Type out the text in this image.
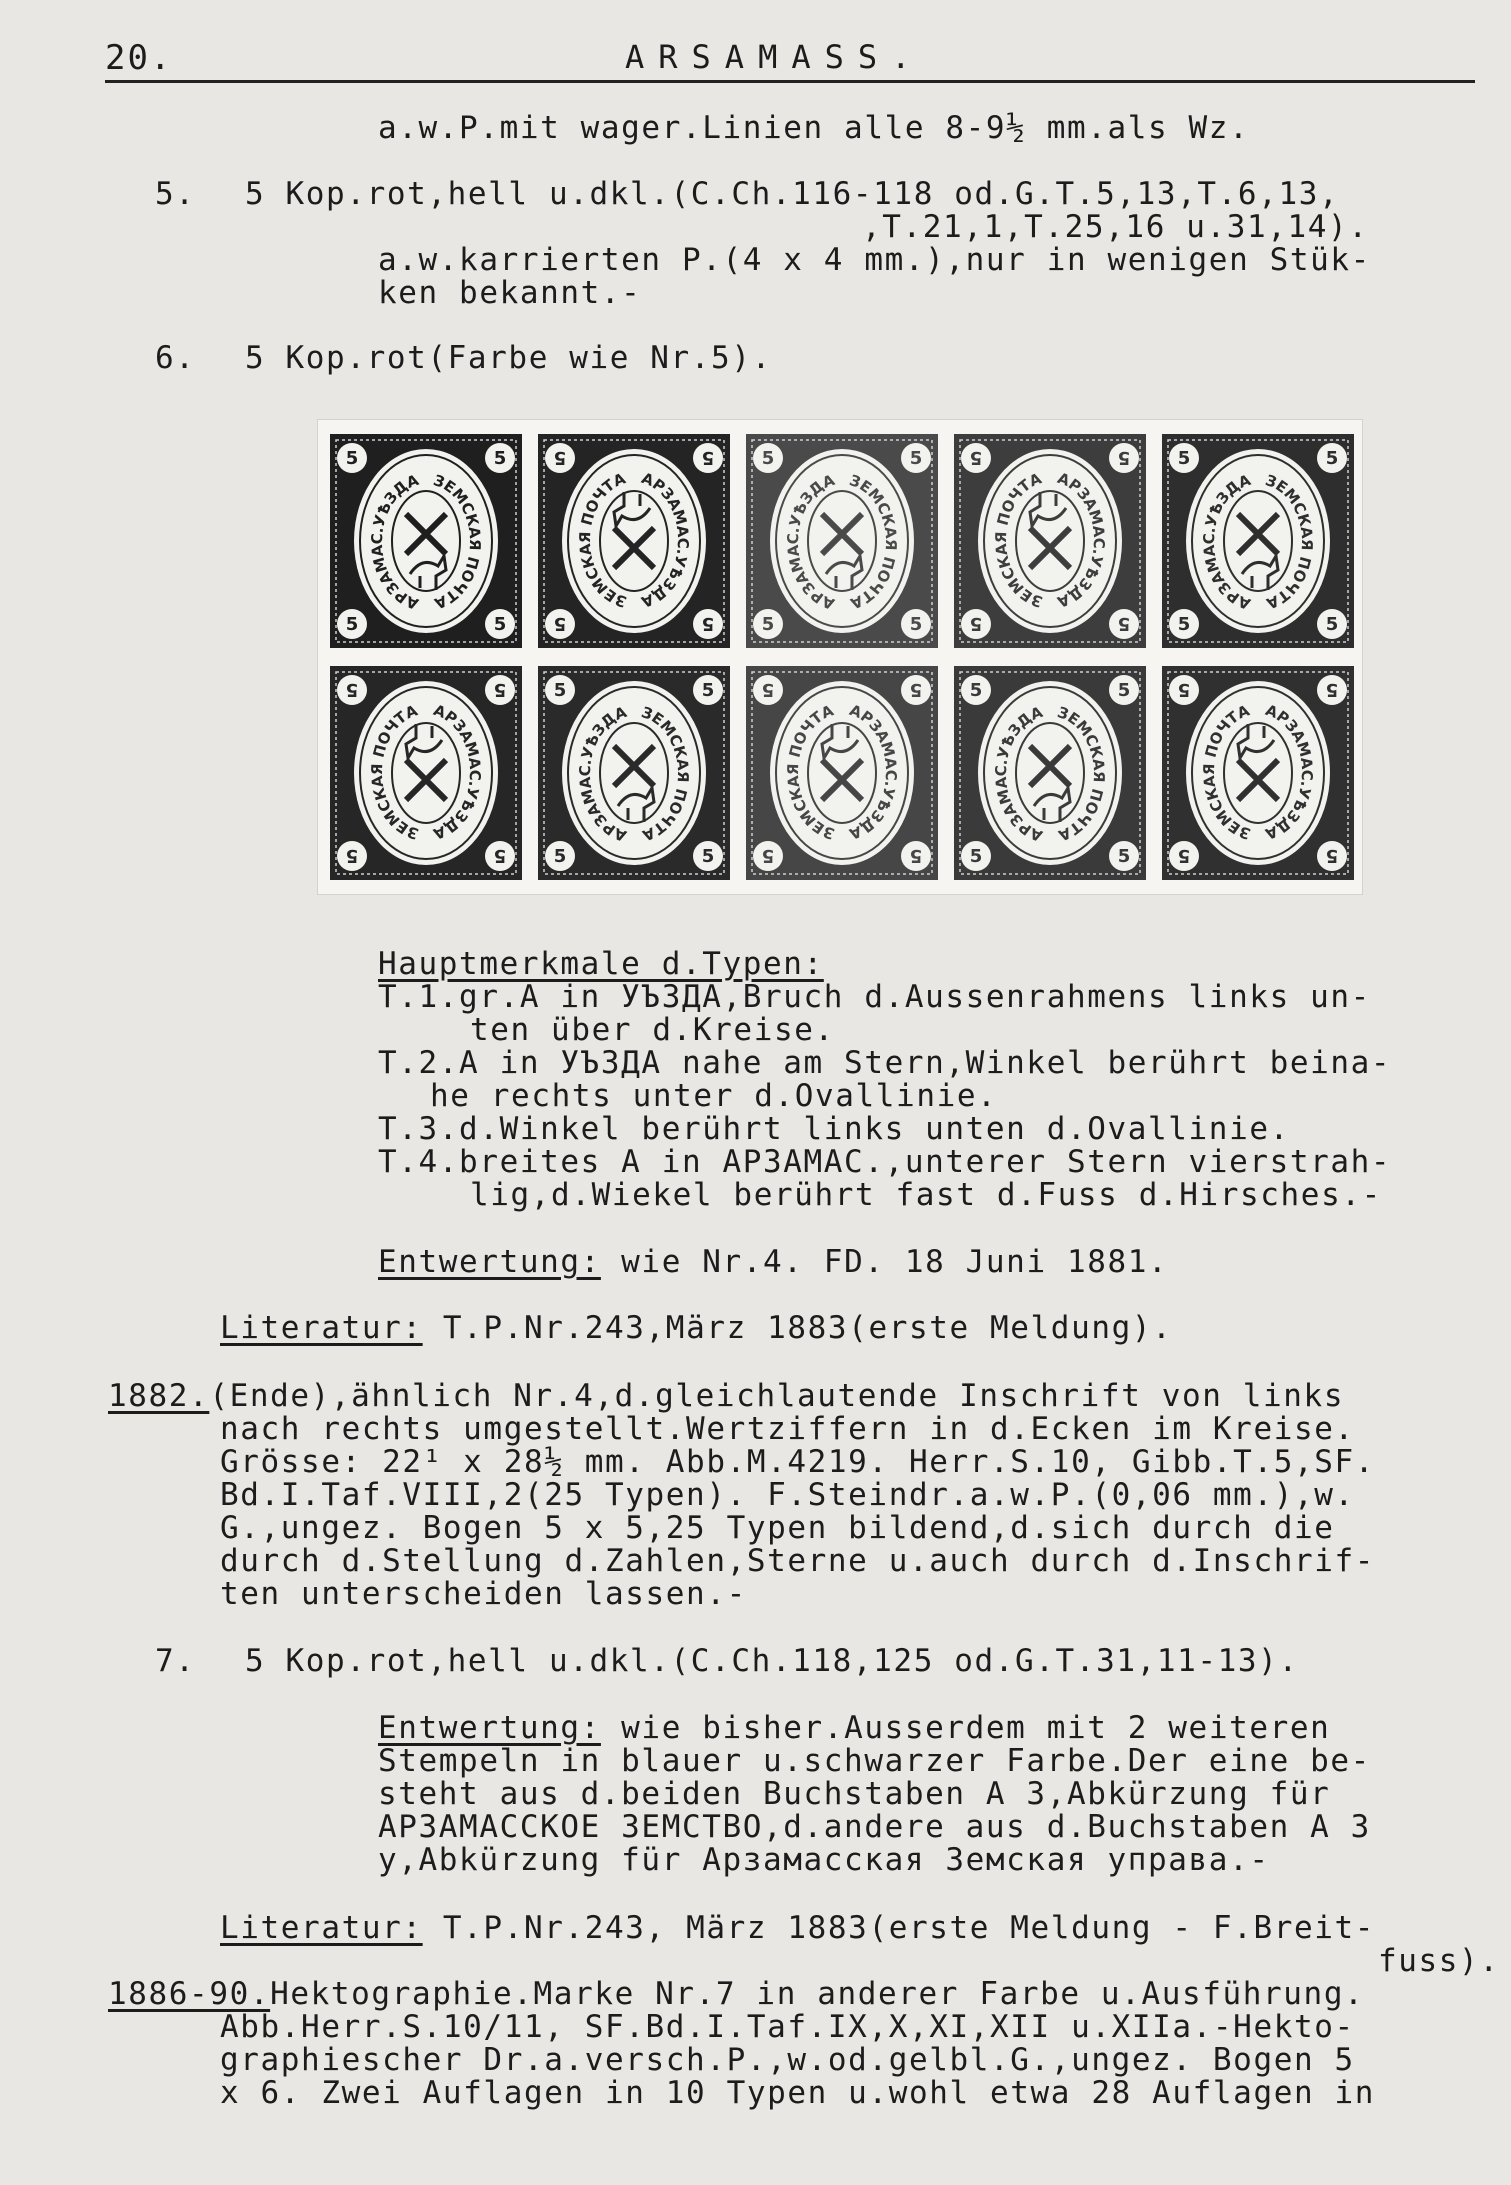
20.	ARSAMASS.
a.w.P.mit wager.Linien alle 8-9½ mm.als Wz.
5. 5 Kop.rot,hell u.dkl.(C.Ch.116-118 od.G.T.5,13,T.6,13,
,T.21,1,T.25,16 u.31,14).
a.w.karrierten P.(4 x 4 mm.),nur in wenigen Stük-
ken bekannt.-
6. 5 Kop.rot(Farbe wie Nr.5).
ЗЕМСКАЯ ПОЧТА
АРЗАМАС.УѢЗДА
5	5
5	5
ЗЕМСКАЯ ПОЧТА АРЗАМАС.УѢЗДА
5
5
5
5
ЗЕМСКАЯ ПОЧТА
АРЗАМАС.УѢЗДА
5	5
5	5
ЗЕМСКАЯ ПОЧТА АРЗАМАС.УѢЗДА
5
5
5
5
ЗЕМСКАЯ ПОЧТА
АРЗАМАС.УѢЗДА
5	5
5	5
ЗЕМСКАЯ ПОЧТА АРЗАМАС.УѢЗДА
5
5
5
5
ЗЕМСКАЯ ПОЧТА
АРЗАМАС.УѢЗДА
5	5
5	5
ЗЕМСКАЯ ПОЧТА АРЗАМАС.УѢЗДА
5
5
5
5
ЗЕМСКАЯ ПОЧТА
АРЗАМАС.УѢЗДА
5	5
5	5
ЗЕМСКАЯ ПОЧТА АРЗАМАС.УѢЗДА
5
5
5
5
Hauptmerkmale d.Typen:
T.1.gr.A in УЪЗДА,Bruch d.Aussenrahmens links un-
ten über d.Kreise.
T.2.A in УЪЗДА nahe am Stern,Winkel berührt beina-
he rechts unter d.Ovallinie.
T.3.d.Winkel berührt links unten d.Ovallinie.
T.4.breites A in АРЗАМАС.,unterer Stern vierstrah-
lig,d.Wiekel berührt fast d.Fuss d.Hirsches.-
Entwertung: wie Nr.4. FD. 18 Juni 1881.
Literatur: T.P.Nr.243,März 1883(erste Meldung).
1882.(Ende),ähnlich Nr.4,d.gleichlautende Inschrift von links
nach rechts umgestellt.Wertziffern in d.Ecken im Kreise.
Grösse: 22¹ x 28½ mm. Abb.M.4219. Herr.S.10, Gibb.T.5,SF.
Bd.I.Taf.VIII,2(25 Typen). F.Steindr.a.w.P.(0,06 mm.),w.
G.,ungez. Bogen 5 x 5,25 Typen bildend,d.sich durch die
durch d.Stellung d.Zahlen,Sterne u.auch durch d.Inschrif-
ten unterscheiden lassen.-
7. 5 Kop.rot,hell u.dkl.(C.Ch.118,125 od.G.T.31,11-13).
Entwertung: wie bisher.Ausserdem mit 2 weiteren
Stempeln in blauer u.schwarzer Farbe.Der eine be-
steht aus d.beiden Buchstaben A З,Abkürzung für
АРЗАМАССКОЕ ЗЕМСТВО,d.andere aus d.Buchstaben A З
y,Abkürzung für Арзамасская Земская управа.-
Literatur: T.P.Nr.243, März 1883(erste Meldung - F.Breit-
fuss).
1886-90.Hektographie.Marke Nr.7 in anderer Farbe u.Ausführung.
Abb.Herr.S.10/11, SF.Bd.I.Taf.IX,X,XI,XII u.XIIa.-Hekto-
graphiescher Dr.a.versch.P.,w.od.gelbl.G.,ungez. Bogen 5
x 6. Zwei Auflagen in 10 Typen u.wohl etwa 28 Auflagen in
